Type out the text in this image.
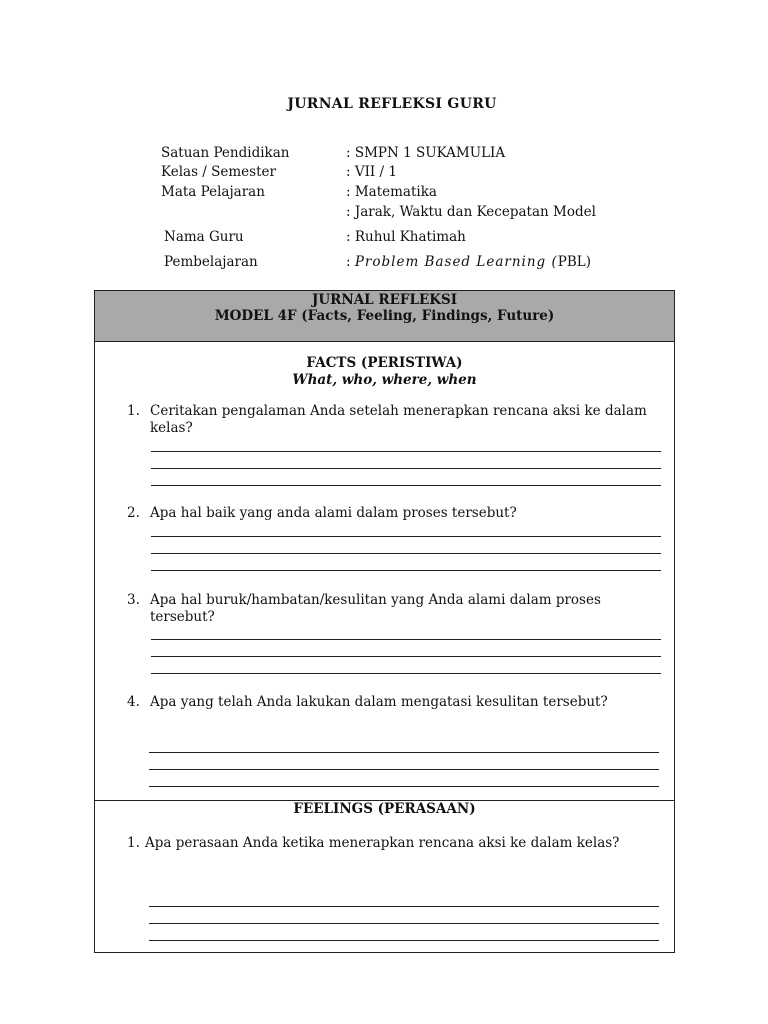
JURNAL REFLEKSI GURU
Satuan Pendidikan	: SMPN 1 SUKAMULIA
Kelas / Semester	: VII / 1
Mata Pelajaran	: Matematika
: Jarak, Waktu dan Kecepatan Model
Nama Guru	: Ruhul Khatimah
Pembelajaran	: Problem Based Learning (PBL)
JURNAL REFLEKSI
MODEL 4F (Facts, Feeling, Findings, Future)
FACTS (PERISTIWA)
What, who, where, when
1. Ceritakan pengalaman Anda setelah menerapkan rencana aksi ke dalam kelas?
2. Apa hal baik yang anda alami dalam proses tersebut?
3. Apa hal buruk/hambatan/kesulitan yang Anda alami dalam proses tersebut?
4. Apa yang telah Anda lakukan dalam mengatasi kesulitan tersebut?
FEELINGS (PERASAAN)
1. Apa perasaan Anda ketika menerapkan rencana aksi ke dalam kelas?
